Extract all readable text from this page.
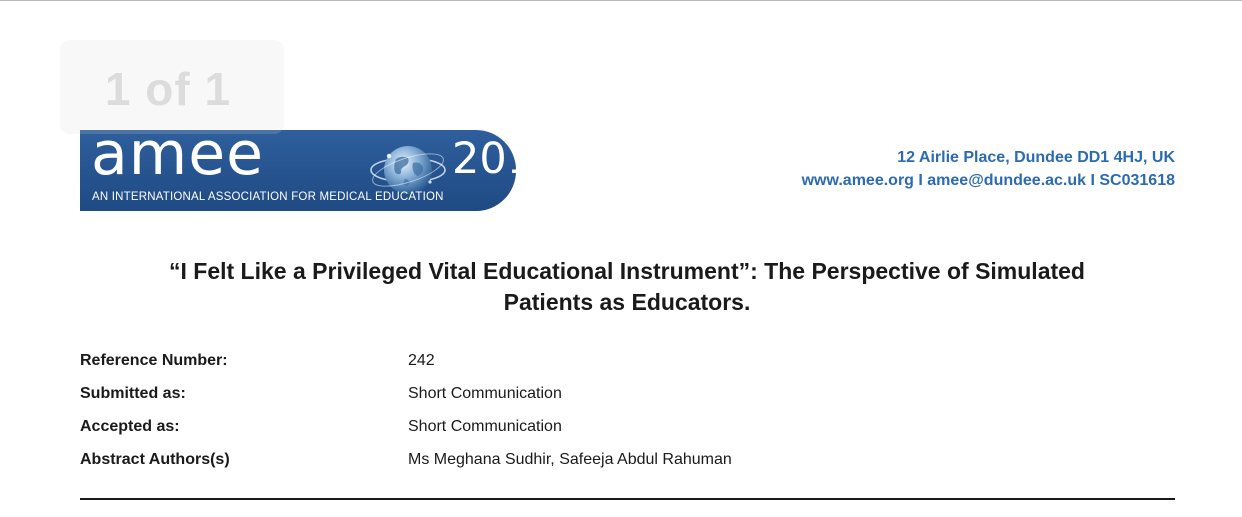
amee	2019
AN INTERNATIONAL ASSOCIATION FOR MEDICAL EDUCATION
12 Airlie Place, Dundee DD1 4HJ, UK
www.amee.org I amee@dundee.ac.uk I SC031618
“I Felt Like a Privileged Vital Educational Instrument”: The Perspective of Simulated
Patients as Educators.
Reference Number:	242
Submitted as:	Short Communication
Accepted as:	Short Communication
Abstract Authors(s)	Ms Meghana Sudhir, Safeeja Abdul Rahuman
1 of 1
